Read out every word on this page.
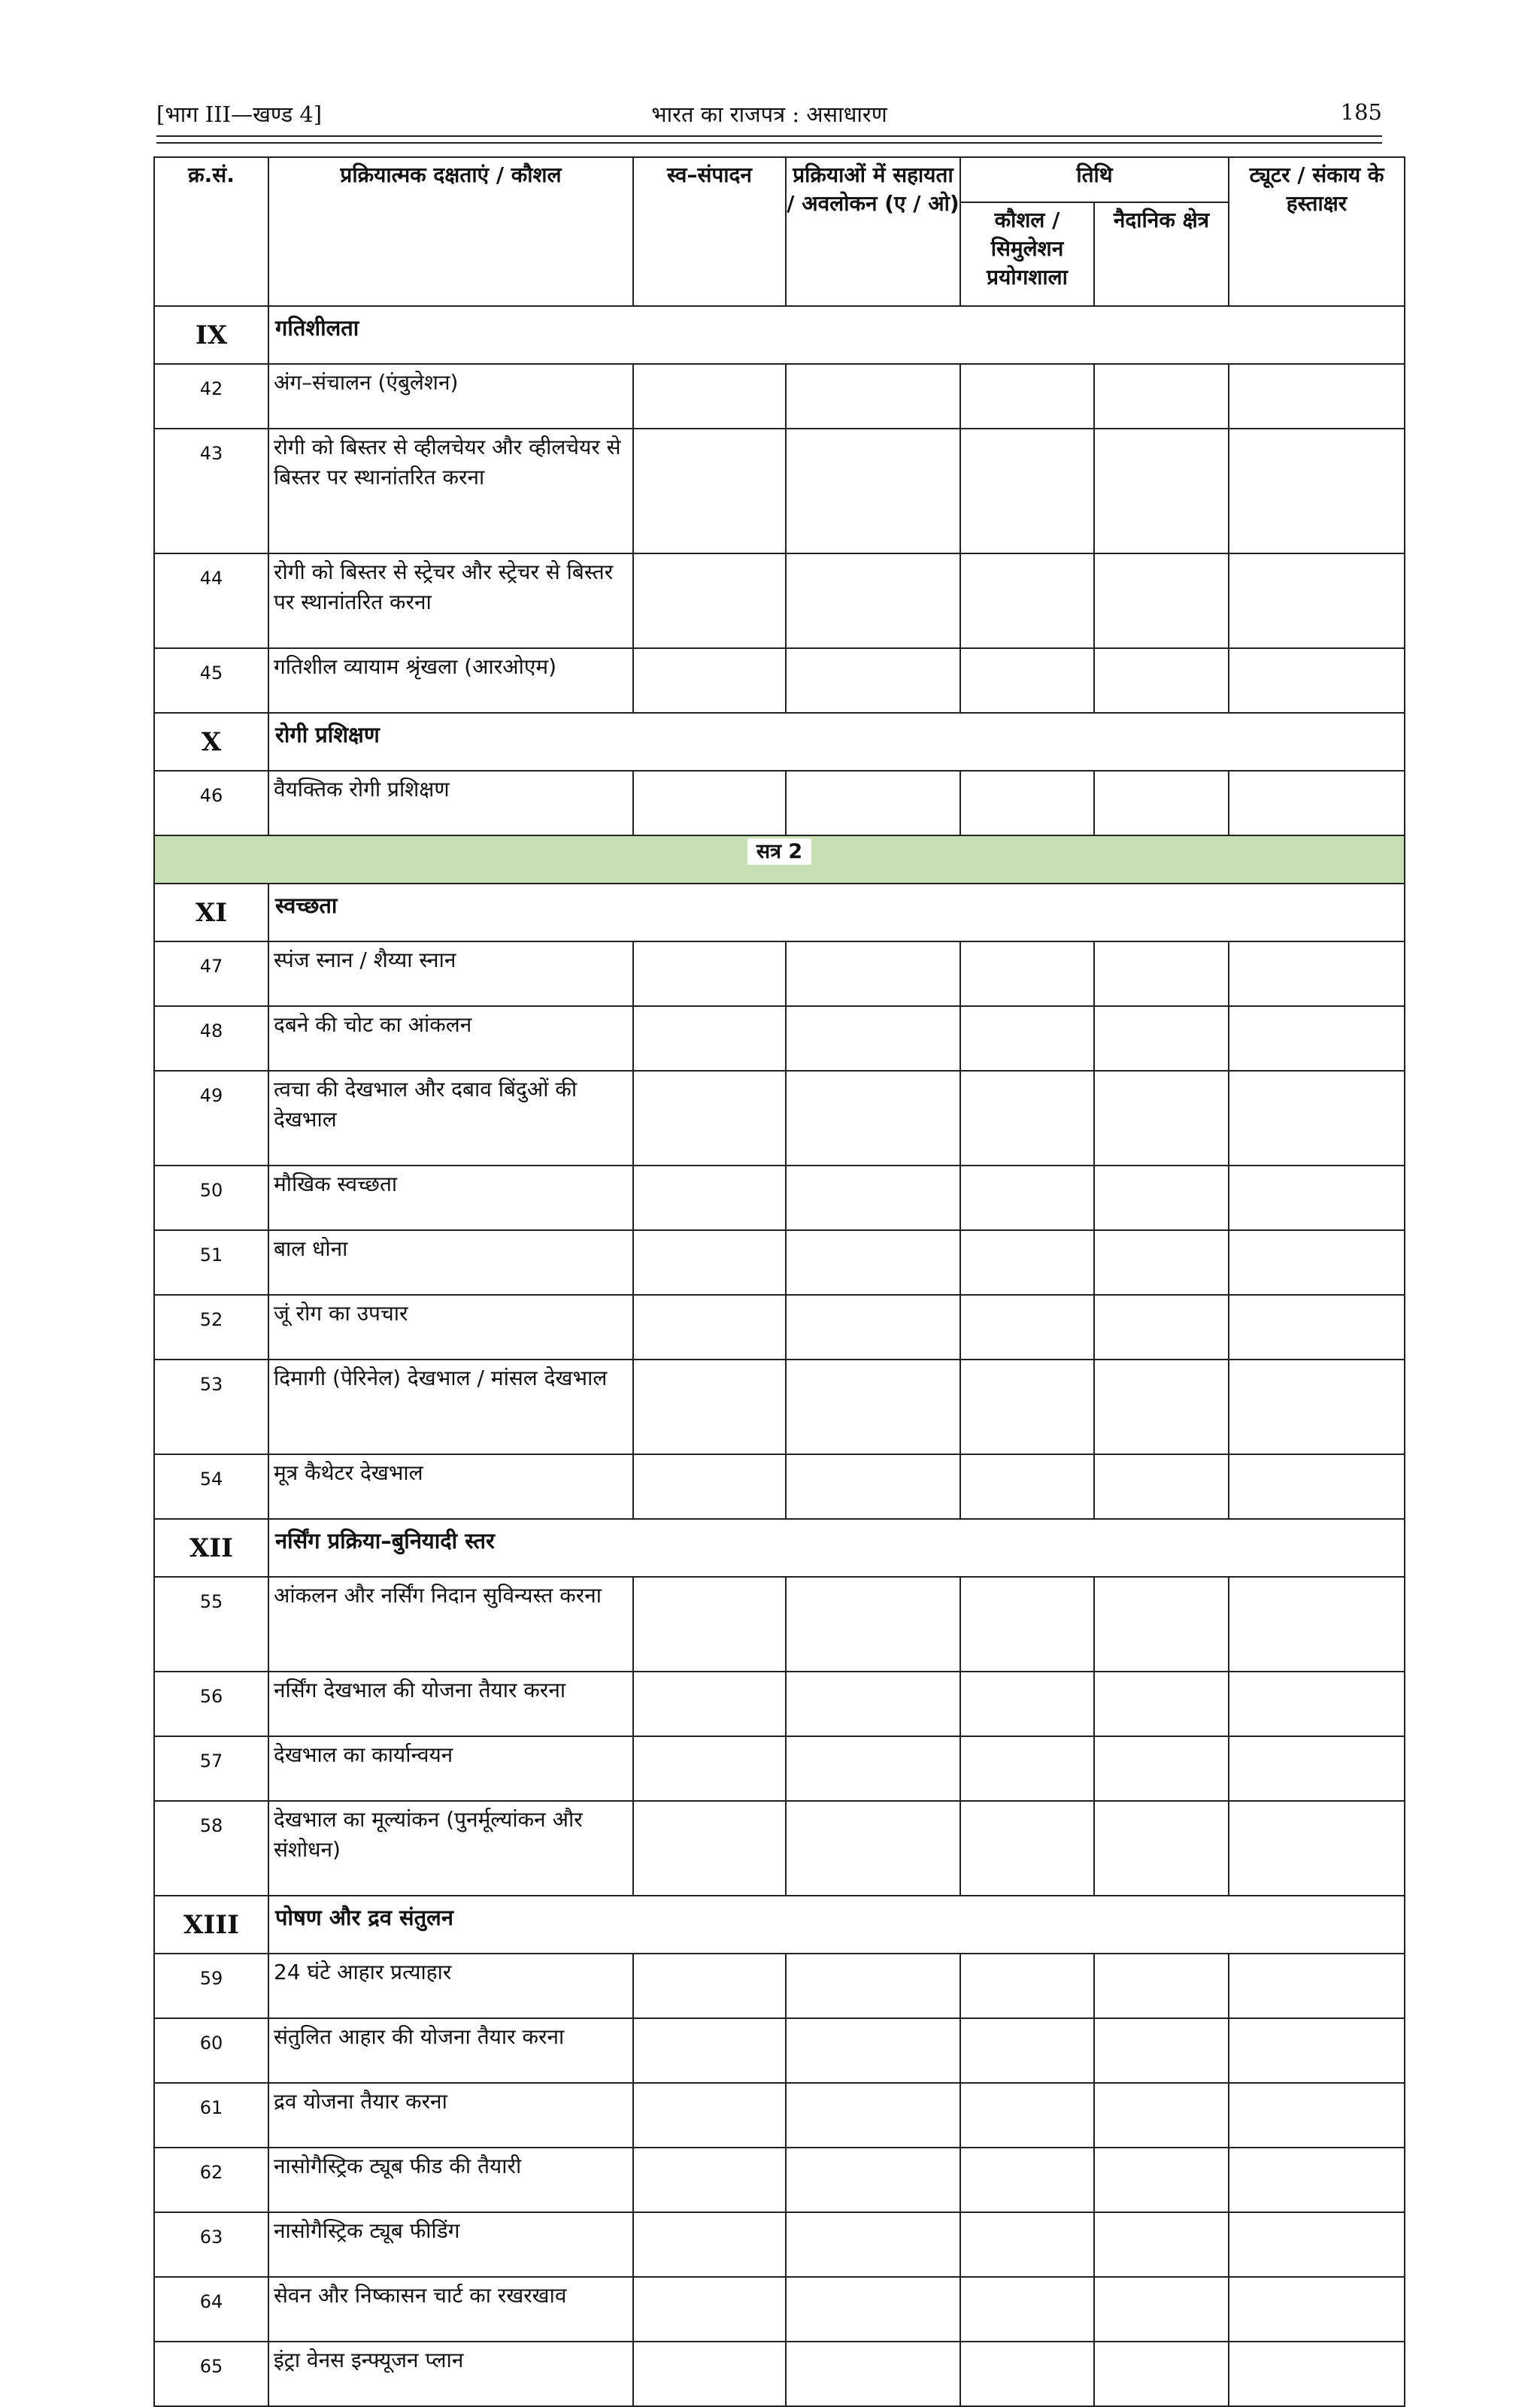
[भाग III—खण्ड 4]	भारत का राजपत्र : असाधारण	185
क्र.सं.	प्रक्रियात्मक दक्षताएं / कौशल	स्व–संपादन	प्रक्रियाओं में सहायता / अवलोकन (ए / ओ)	तिथि		ट्यूटर / संकाय के हस्ताक्षर
				कौशल / सिमुलेशन प्रयोगशाला	नैदानिक क्षेत्र	
IX	गतिशीलता					
42	अंग–संचालन (एंबुलेशन)					
43	रोगी को बिस्तर से व्हीलचेयर और व्हीलचेयर से बिस्तर पर स्थानांतरित करना					
44	रोगी को बिस्तर से स्ट्रेचर और स्ट्रेचर से बिस्तर पर स्थानांतरित करना					
45	गतिशील व्यायाम श्रृंखला (आरओएम)					
X	रोगी प्रशिक्षण					
46	वैयक्तिक रोगी प्रशिक्षण					
सत्र 2						
XI	स्वच्छता					
47	स्पंज स्नान / शैय्या स्नान					
48	दबने की चोट का आंकलन					
49	त्वचा की देखभाल और दबाव बिंदुओं की देखभाल					
50	मौखिक स्वच्छता					
51	बाल धोना					
52	जूं रोग का उपचार					
53	दिमागी (पेरिनेल) देखभाल / मांसल देखभाल					
54	मूत्र कैथेटर देखभाल					
XII	नर्सिंग प्रक्रिया–बुनियादी स्तर					
55	आंकलन और नर्सिंग निदान सुविन्यस्त करना					
56	नर्सिंग देखभाल की योजना तैयार करना					
57	देखभाल का कार्यान्वयन					
58	देखभाल का मूल्यांकन (पुनर्मूल्यांकन और संशोधन)					
XIII	पोषण और द्रव संतुलन					
59	24 घंटे आहार प्रत्याहार					
60	संतुलित आहार की योजना तैयार करना					
61	द्रव योजना तैयार करना					
62	नासोगैस्ट्रिक ट्यूब फीड की तैयारी					
63	नासोगैस्ट्रिक ट्यूब फीडिंग					
64	सेवन और निष्कासन चार्ट का रखरखाव					
65	इंट्रा वेनस इन्फ्यूजन प्लान					
